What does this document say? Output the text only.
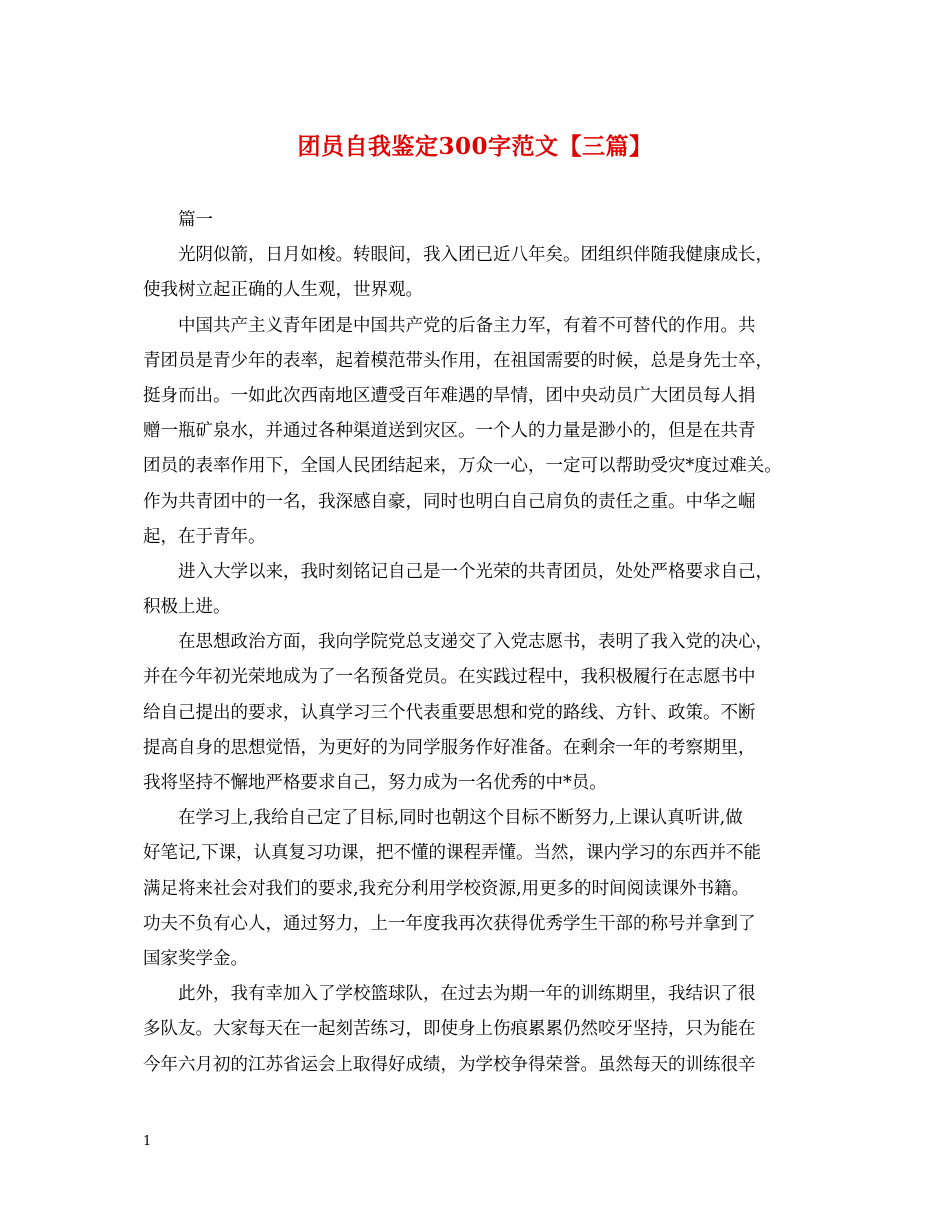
团员自我鉴定300字范文【三篇】
篇一
光阴似箭，日月如梭。转眼间，我入团已近八年矣。团组织伴随我健康成长，
使我树立起正确的人生观，世界观。
中国共产主义青年团是中国共产党的后备主力军，有着不可替代的作用。共
青团员是青少年的表率，起着模范带头作用，在祖国需要的时候，总是身先士卒，
挺身而出。一如此次西南地区遭受百年难遇的旱情，团中央动员广大团员每人捐
赠一瓶矿泉水，并通过各种渠道送到灾区。一个人的力量是渺小的，但是在共青
团员的表率作用下，全国人民团结起来，万众一心，一定可以帮助受灾*度过难关。
作为共青团中的一名，我深感自豪，同时也明白自己肩负的责任之重。中华之崛
起，在于青年。
进入大学以来，我时刻铭记自己是一个光荣的共青团员，处处严格要求自己，
积极上进。
在思想政治方面，我向学院党总支递交了入党志愿书，表明了我入党的决心，
并在今年初光荣地成为了一名预备党员。在实践过程中，我积极履行在志愿书中
给自己提出的要求，认真学习三个代表重要思想和党的路线、方针、政策。不断
提高自身的思想觉悟，为更好的为同学服务作好准备。在剩余一年的考察期里，
我将坚持不懈地严格要求自己，努力成为一名优秀的中*员。
在学习上,我给自己定了目标,同时也朝这个目标不断努力,上课认真听讲,做
好笔记,下课，认真复习功课，把不懂的课程弄懂。当然，课内学习的东西并不能
满足将来社会对我们的要求,我充分利用学校资源,用更多的时间阅读课外书籍。
功夫不负有心人，通过努力，上一年度我再次获得优秀学生干部的称号并拿到了
国家奖学金。
此外，我有幸加入了学校篮球队，在过去为期一年的训练期里，我结识了很
多队友。大家每天在一起刻苦练习，即使身上伤痕累累仍然咬牙坚持，只为能在
今年六月初的江苏省运会上取得好成绩，为学校争得荣誉。虽然每天的训练很辛
1
